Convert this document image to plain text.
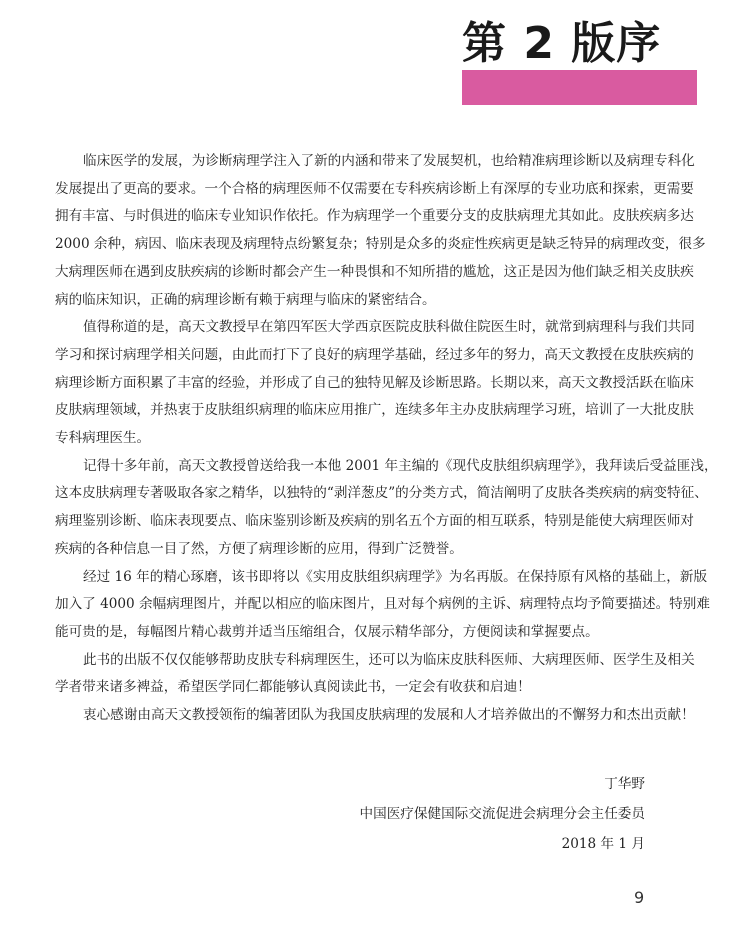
第 2 版序
临床医学的发展，为诊断病理学注入了新的内涵和带来了发展契机，也给精准病理诊断以及病理专科化
发展提出了更高的要求。一个合格的病理医师不仅需要在专科疾病诊断上有深厚的专业功底和探索，更需要
拥有丰富、与时俱进的临床专业知识作依托。作为病理学一个重要分支的皮肤病理尤其如此。皮肤疾病多达
2000 余种，病因、临床表现及病理特点纷繁复杂；特别是众多的炎症性疾病更是缺乏特异的病理改变，很多
大病理医师在遇到皮肤疾病的诊断时都会产生一种畏惧和不知所措的尴尬，这正是因为他们缺乏相关皮肤疾
病的临床知识，正确的病理诊断有赖于病理与临床的紧密结合。
值得称道的是，高天文教授早在第四军医大学西京医院皮肤科做住院医生时，就常到病理科与我们共同
学习和探讨病理学相关问题，由此而打下了良好的病理学基础，经过多年的努力，高天文教授在皮肤疾病的
病理诊断方面积累了丰富的经验，并形成了自己的独特见解及诊断思路。长期以来，高天文教授活跃在临床
皮肤病理领域，并热衷于皮肤组织病理的临床应用推广，连续多年主办皮肤病理学习班，培训了一大批皮肤
专科病理医生。
记得十多年前，高天文教授曾送给我一本他 2001 年主编的《现代皮肤组织病理学》，我拜读后受益匪浅，
这本皮肤病理专著吸取各家之精华，以独特的“剥洋葱皮”的分类方式，简洁阐明了皮肤各类疾病的病变特征、
病理鉴别诊断、临床表现要点、临床鉴别诊断及疾病的别名五个方面的相互联系，特别是能使大病理医师对
疾病的各种信息一目了然，方便了病理诊断的应用，得到广泛赞誉。
经过 16 年的精心琢磨，该书即将以《实用皮肤组织病理学》为名再版。在保持原有风格的基础上，新版
加入了 4000 余幅病理图片，并配以相应的临床图片，且对每个病例的主诉、病理特点均予简要描述。特别难
能可贵的是，每幅图片精心裁剪并适当压缩组合，仅展示精华部分，方便阅读和掌握要点。
此书的出版不仅仅能够帮助皮肤专科病理医生，还可以为临床皮肤科医师、大病理医师、医学生及相关
学者带来诸多裨益，希望医学同仁都能够认真阅读此书，一定会有收获和启迪！
衷心感谢由高天文教授领衔的编著团队为我国皮肤病理的发展和人才培养做出的不懈努力和杰出贡献！
丁华野
中国医疗保健国际交流促进会病理分会主任委员
2018 年 1 月
9
